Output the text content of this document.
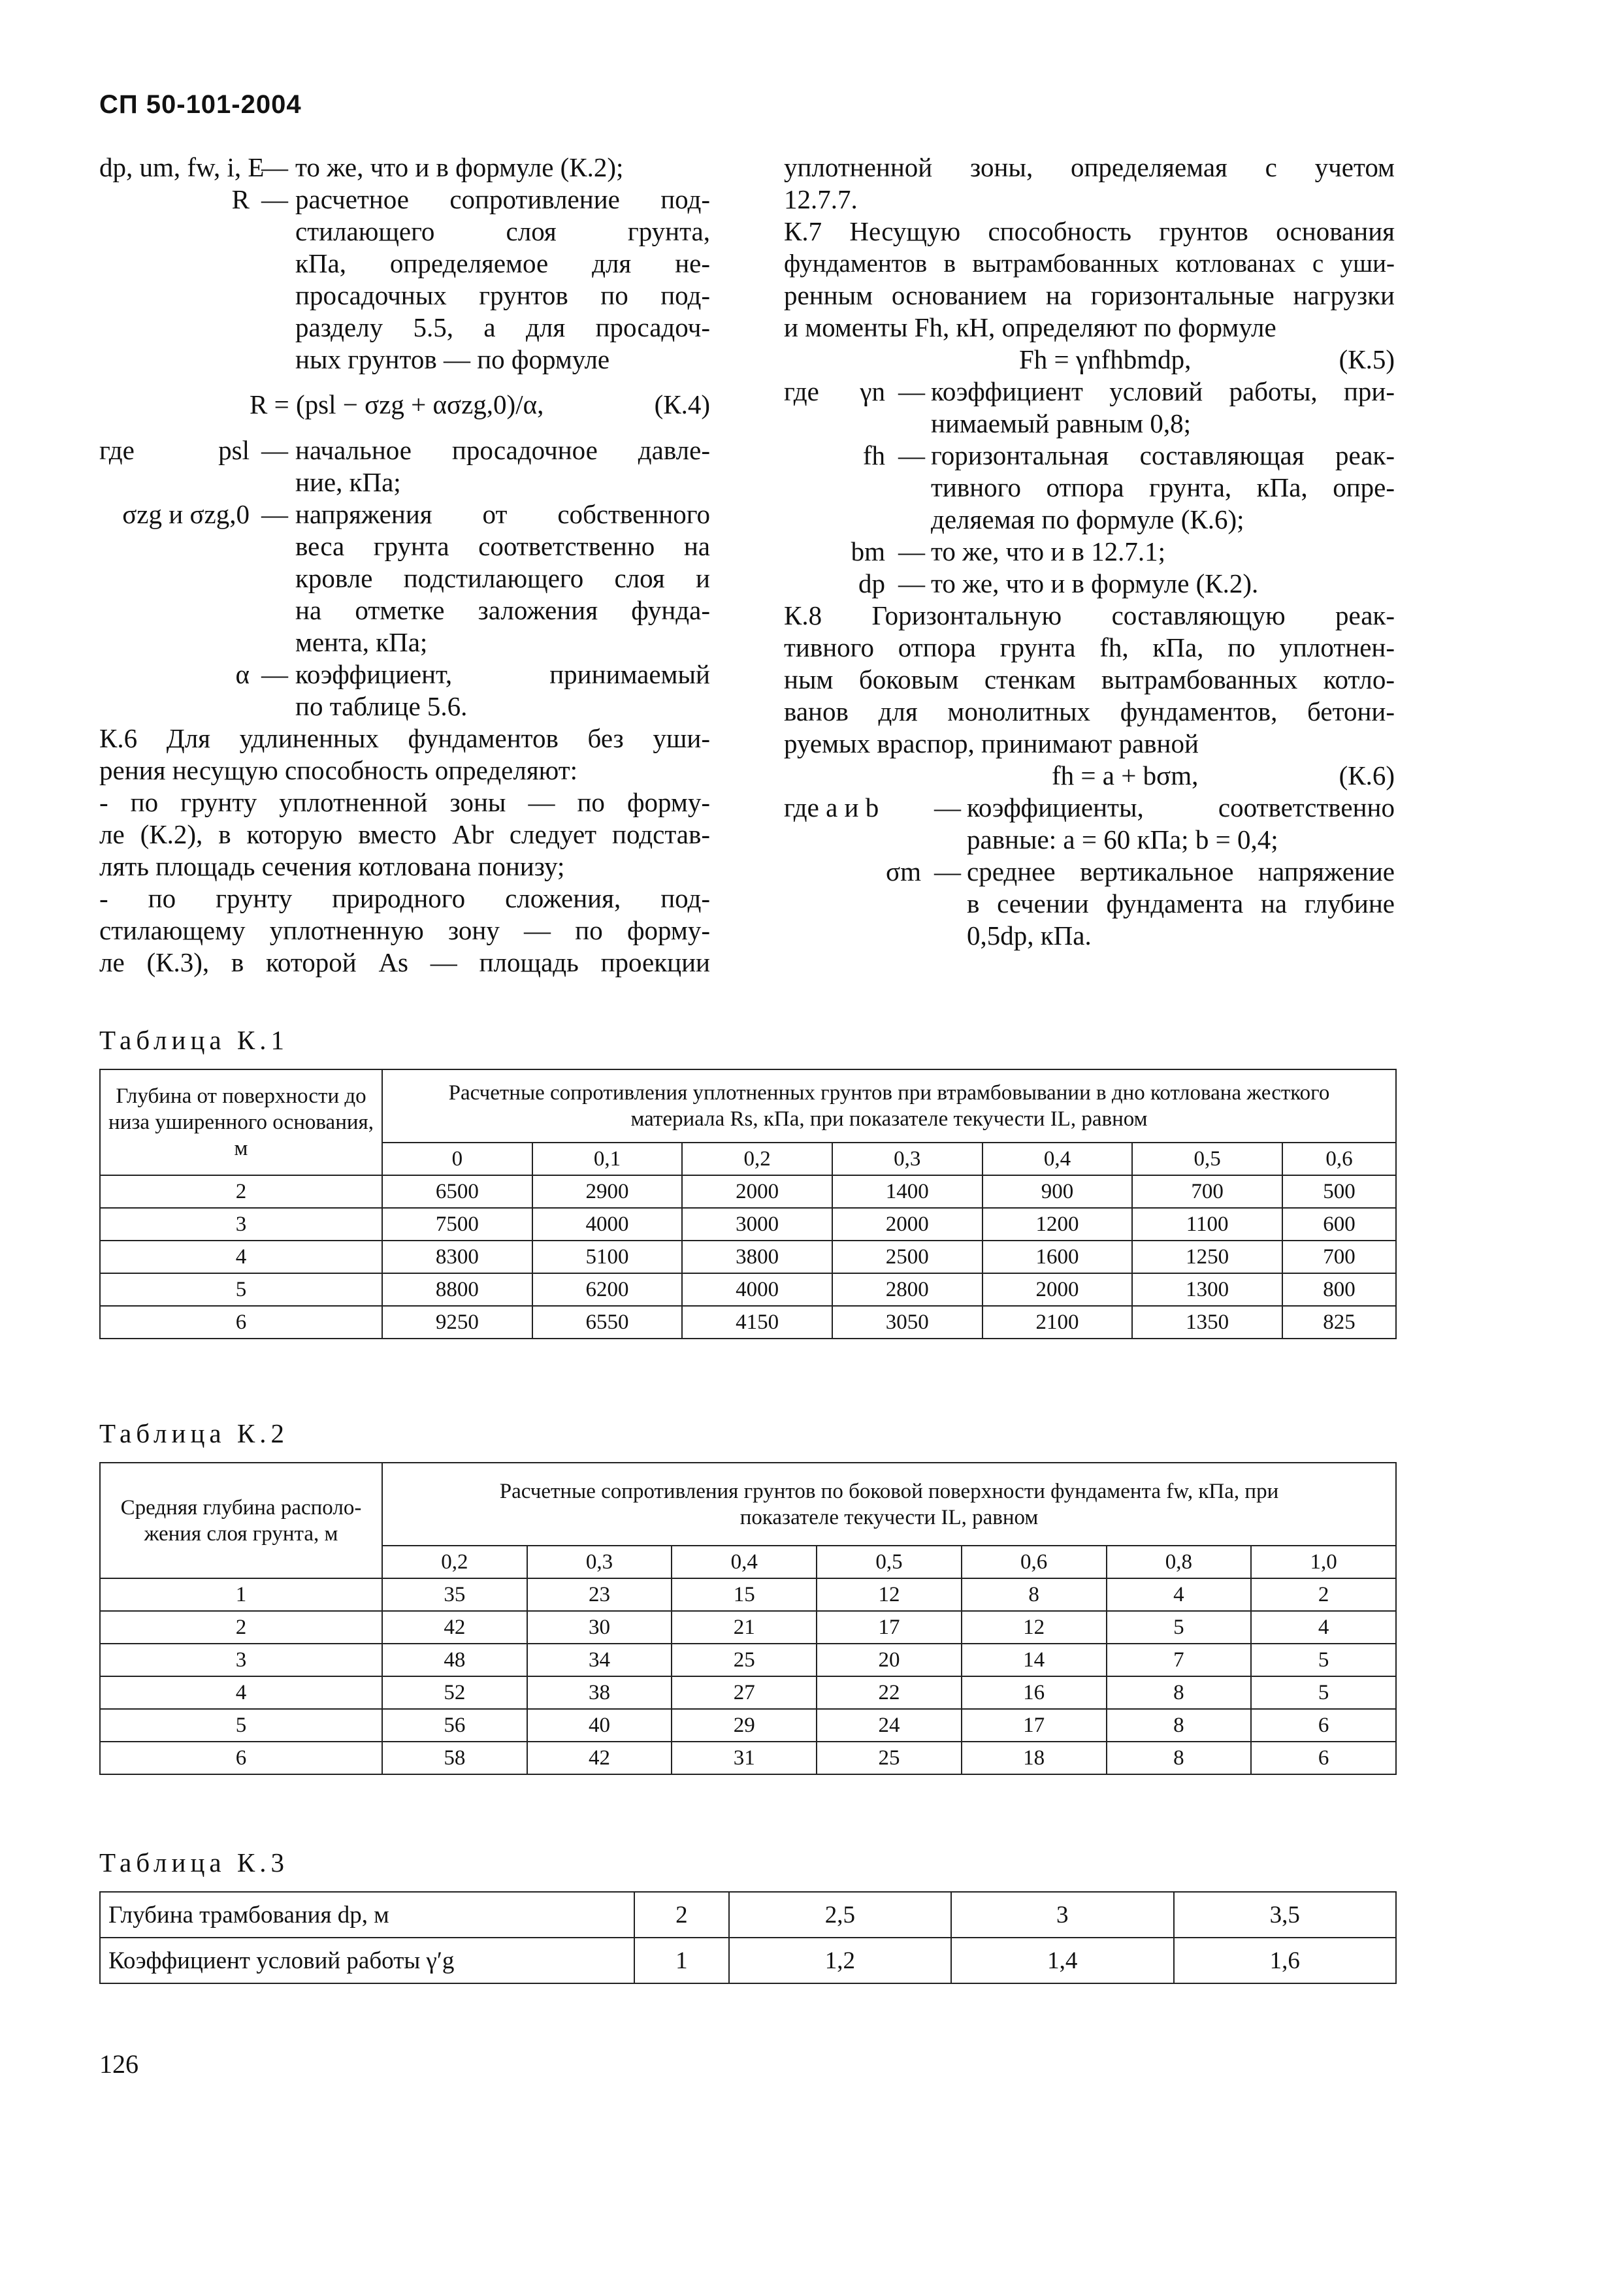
СП 50-101-2004
dp, um, fw, i, E
— то же, что и в формуле (К.2);
R — расчетное сопротивление под-
стилающего слоя грунта,
кПа, определяемое для не-
просадочных грунтов по под-
разделу 5.5, а для просадоч-
ных грунтов — по формуле
R = (psl − σzg + ασzg,0)/α,	(К.4)
где	psl — начальное просадочное давле-
ние, кПа;
σzg и σzg,0 — напряжения от собственного
веса грунта соответственно на
кровле подстилающего слоя и
на отметке заложения фунда-
мента, кПа;
α — коэффициент, принимаемый
по таблице 5.6.
К.6 Для удлиненных фундаментов без уши-
рения несущую способность определяют:
- по грунту уплотненной зоны — по форму-
ле (К.2), в которую вместо Abr следует подстав-
лять площадь сечения котлована понизу;
- по грунту природного сложения, под-
стилающему уплотненную зону — по форму-
ле (К.3), в которой As — площадь проекции
уплотненной зоны, определяемая с учетом
12.7.7.
К.7 Несущую способность грунтов основания
фундаментов в вытрамбованных котлованах с уши-
ренным основанием на горизонтальные нагрузки
и моменты Fh, кН, определяют по формуле
Fh = γnfhbmdp,	(К.5)
где	γn — коэффициент условий работы, при-
нимаемый равным 0,8;
fh — горизонтальная составляющая реак-
тивного отпора грунта, кПа, опре-
деляемая по формуле (К.6);
bm — то же, что и в 12.7.1;
dp — то же, что и в формуле (К.2).
К.8 Горизонтальную составляющую реак-
тивного отпора грунта fh, кПа, по уплотнен-
ным боковым стенкам вытрамбованных котло-
ванов для монолитных фундаментов, бетони-
руемых враспор, принимают равной
fh = a + bσm,	(К.6)
где a и b — коэффициенты, соответственно
равные: a = 60 кПа; b = 0,4;
σm — среднее вертикальное напряжение
в сечении фундамента на глубине
0,5dp, кПа.
Таблица К.1
Глубина от поверхности до низа уширенного основания, м	Расчетные сопротивления уплотненных грунтов при втрамбовывании в дно котлована жесткого материала Rs, кПа, при показателе текучести IL, равном						
	0	0,1	0,2	0,3	0,4	0,5	0,6
2	6500	2900	2000	1400	900	700	500
3	7500	4000	3000	2000	1200	1100	600
4	8300	5100	3800	2500	1600	1250	700
5	8800	6200	4000	2800	2000	1300	800
6	9250	6550	4150	3050	2100	1350	825
Таблица К.2
Средняя глубина располо-жения слоя грунта, м	Расчетные сопротивления грунтов по боковой поверхности фундамента fw, кПа, при показателе текучести IL, равном						
	0,2	0,3	0,4	0,5	0,6	0,8	1,0
1	35	23	15	12	8	4	2
2	42	30	21	17	12	5	4
3	48	34	25	20	14	7	5
4	52	38	27	22	16	8	5
5	56	40	29	24	17	8	6
6	58	42	31	25	18	8	6
Таблица К.3
Глубина трамбования dp, м	2	2,5	3	3,5
Коэффициент условий работы γ′g	1	1,2	1,4	1,6
126
